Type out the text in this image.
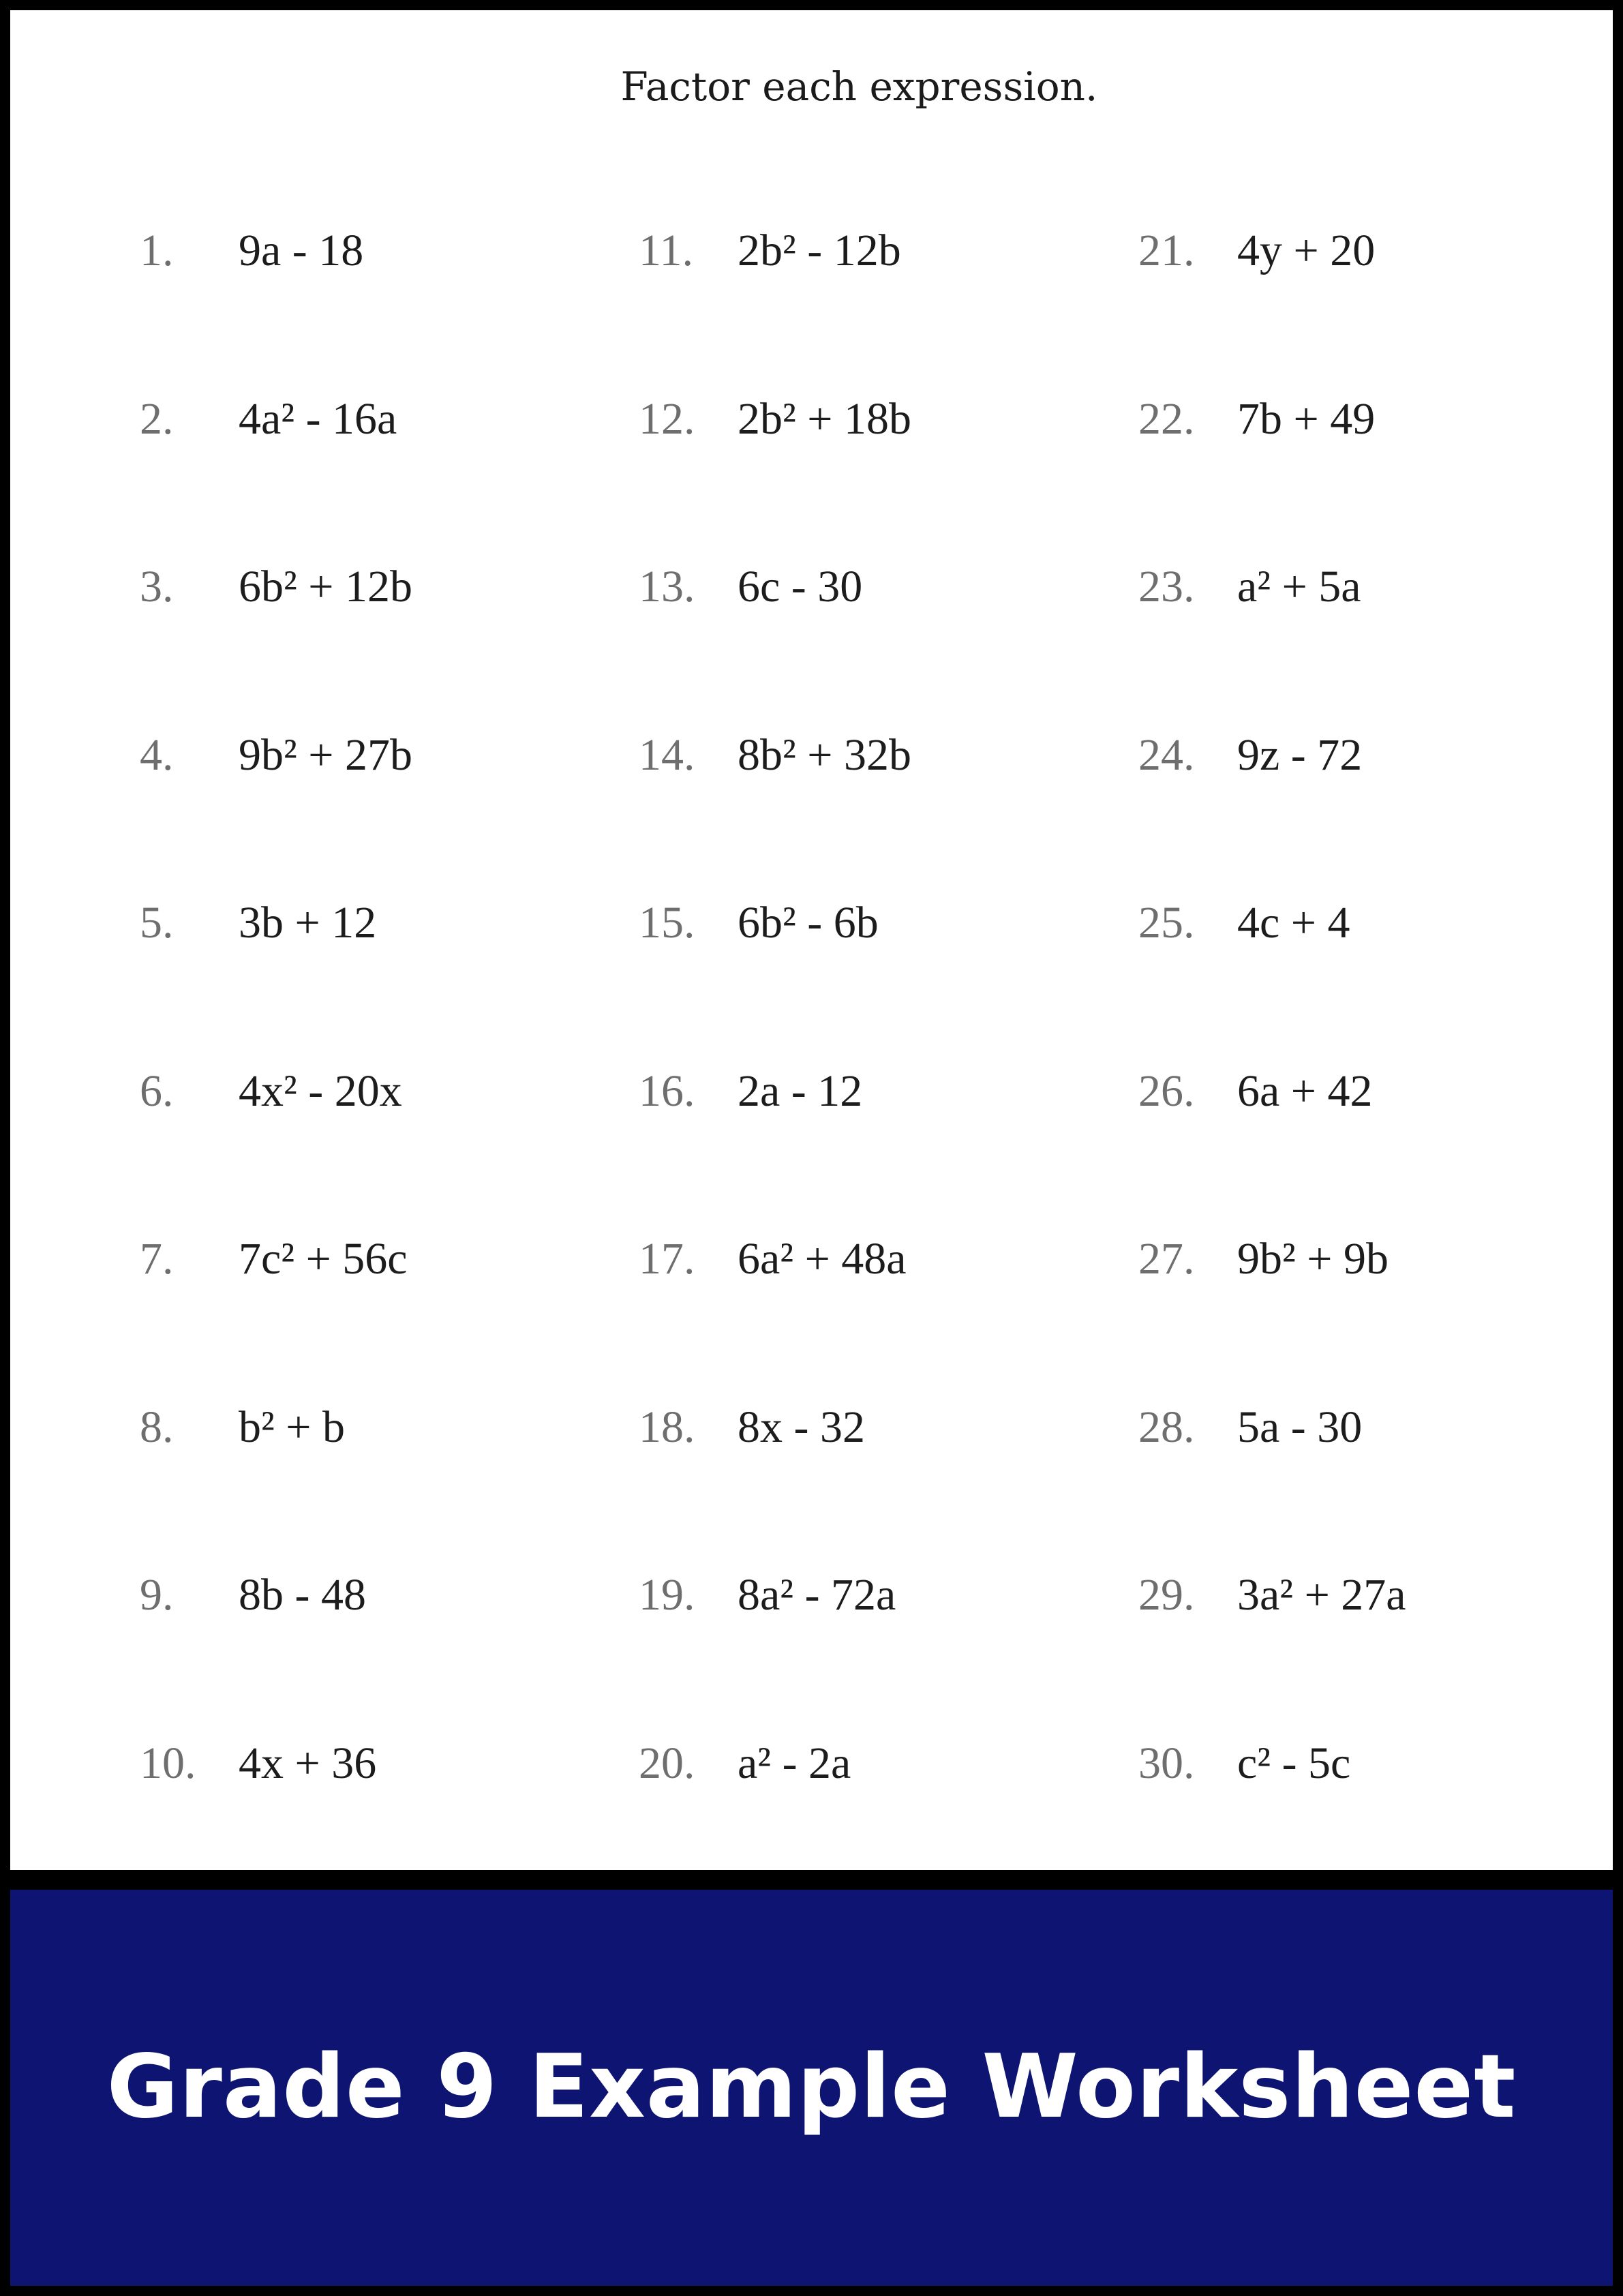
Factor each expression.
1. 9a - 18
2. 4a² - 16a
3. 6b² + 12b
4. 9b² + 27b
5. 3b + 12
6. 4x² - 20x
7. 7c² + 56c
8. b² + b
9. 8b - 48
10. 4x + 36
11. 2b² - 12b
12. 2b² + 18b
13. 6c - 30
14. 8b² + 32b
15. 6b² - 6b
16. 2a - 12
17. 6a² + 48a
18. 8x - 32
19. 8a² - 72a
20. a² - 2a
21. 4y + 20
22. 7b + 49
23. a² + 5a
24. 9z - 72
25. 4c + 4
26. 6a + 42
27. 9b² + 9b
28. 5a - 30
29. 3a² + 27a
30. c² - 5c
Grade 9 Example Worksheet
